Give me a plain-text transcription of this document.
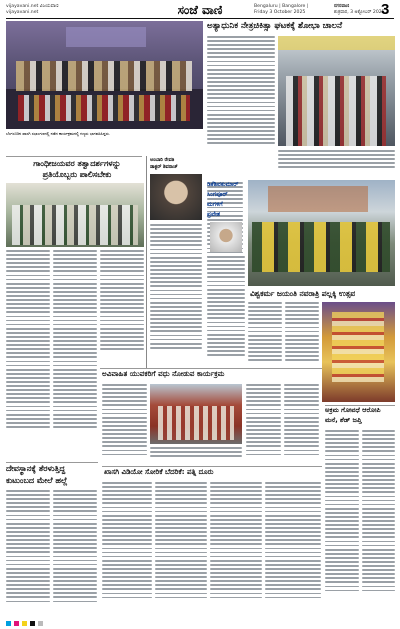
vijayavani.net ವಿಜಯವಾಣಿ
vijayavani.net	ಸಂಜೆ ವಾಣಿ	Bengaluru | Bangalore |
Friday 3 October 2025
ನಗರವಾಣಿ
ಶುಕ್ರವಾರ, 3 ಅಕ್ಟೋಬರ್ 2025
3
ಬೆಂಗಳೂರಿನ ಖಾಸಗಿ ಸಭಾಂಗಣದಲ್ಲಿ ನಡೆದ ಕಾರ್ಯಕ್ರಮದಲ್ಲಿ ಗಣ್ಯರು ಭಾಗವಹಿಸಿದ್ದರು.
ಅತ್ಯಾಧುನಿಕ ನೇತ್ರಚಿಕಿತ್ಸಾ ಘಟಕಕ್ಕೆ ಶೋಭಾ ಚಾಲನೆ
ಗಾಂಧೀಜಯವರ ತತ್ವಾದರ್ಶಗಳನ್ನು
ಪ್ರತಿಯೊಬ್ಬರು ಪಾಲಿಸಬೇಕು
ಅಂಬಾರಿ ರೇವತಿ
ಡಾಕ್ಟರ್ ಶಿವರಾಜ್
ಡಿಕೆಶಿವಕುಮಾರ್
ಸಿಂಗಪೂರ್
ಮಗಳಿಗೆ
ಪ್ರವೇಶ
ವಿಶ್ವಕರ್ಮ ಜಯಂತಿ ನವರಾತ್ರಿ ಪಲ್ಲಕ್ಕಿ ಉತ್ಸವ
ಅವಿವಾಹಿತ ಯುವಕರಿಗೆ ವಧು ನೋಡುವ ಕಾರ್ಯಕ್ರಮ
ದೇವಸ್ಥಾನಕ್ಕೆ ತೆರಳುತ್ತಿದ್ದ
ಕುಟುಂಬದ ಮೇಲೆ ಹಲ್ಲೆ
ಖಾಸಗಿ ವಿಡಿಯೋ ಸೋರಿಕೆ ಬೆದರಿಕೆ: ಪತ್ನಿ ದೂರು
ಅಕ್ರಮ ಗೋವಧೆ ಆರೋಪಿ
ಮನೆ, ಶೆಡ್ ಜಪ್ತಿ
